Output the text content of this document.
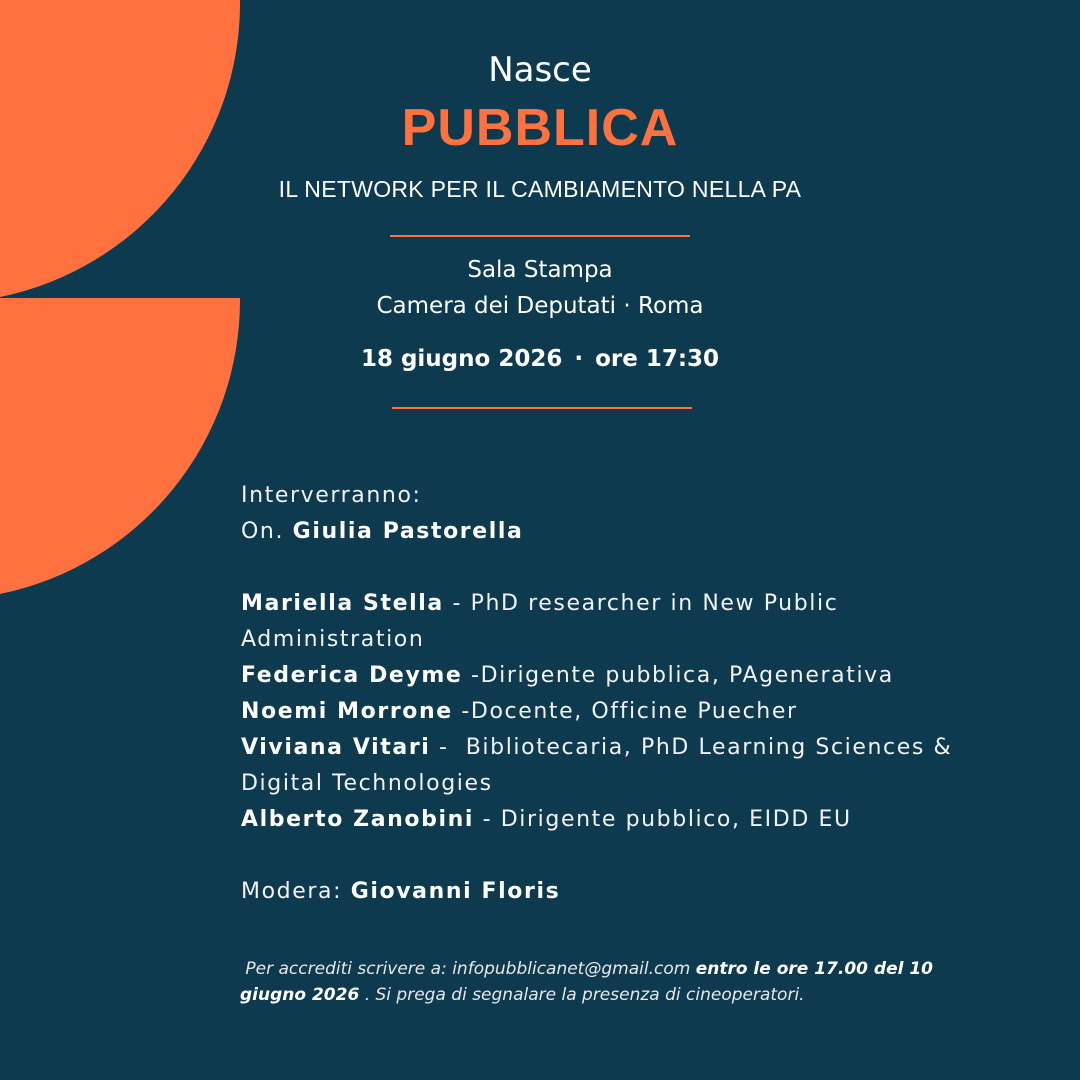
Nasce
PUBBLICA
IL NETWORK PER IL CAMBIAMENTO NELLA PA
Sala Stampa
Camera dei Deputati · Roma
18 giugno 2026 · ore 17:30
Interverranno:
On. Giulia Pastorella
Mariella Stella - PhD researcher in New Public
Administration
Federica Deyme -Dirigente pubblica, PAgenerativa
Noemi Morrone -Docente, Officine Puecher
Viviana Vitari -  Bibliotecaria, PhD Learning Sciences &
Digital Technologies
Alberto Zanobini - Dirigente pubblico, EIDD EU
Modera: Giovanni Floris
Per accrediti scrivere a: infopubblicanet@gmail.com entro le ore 17.00 del 10
giugno 2026 . Si prega di segnalare la presenza di cineoperatori.
